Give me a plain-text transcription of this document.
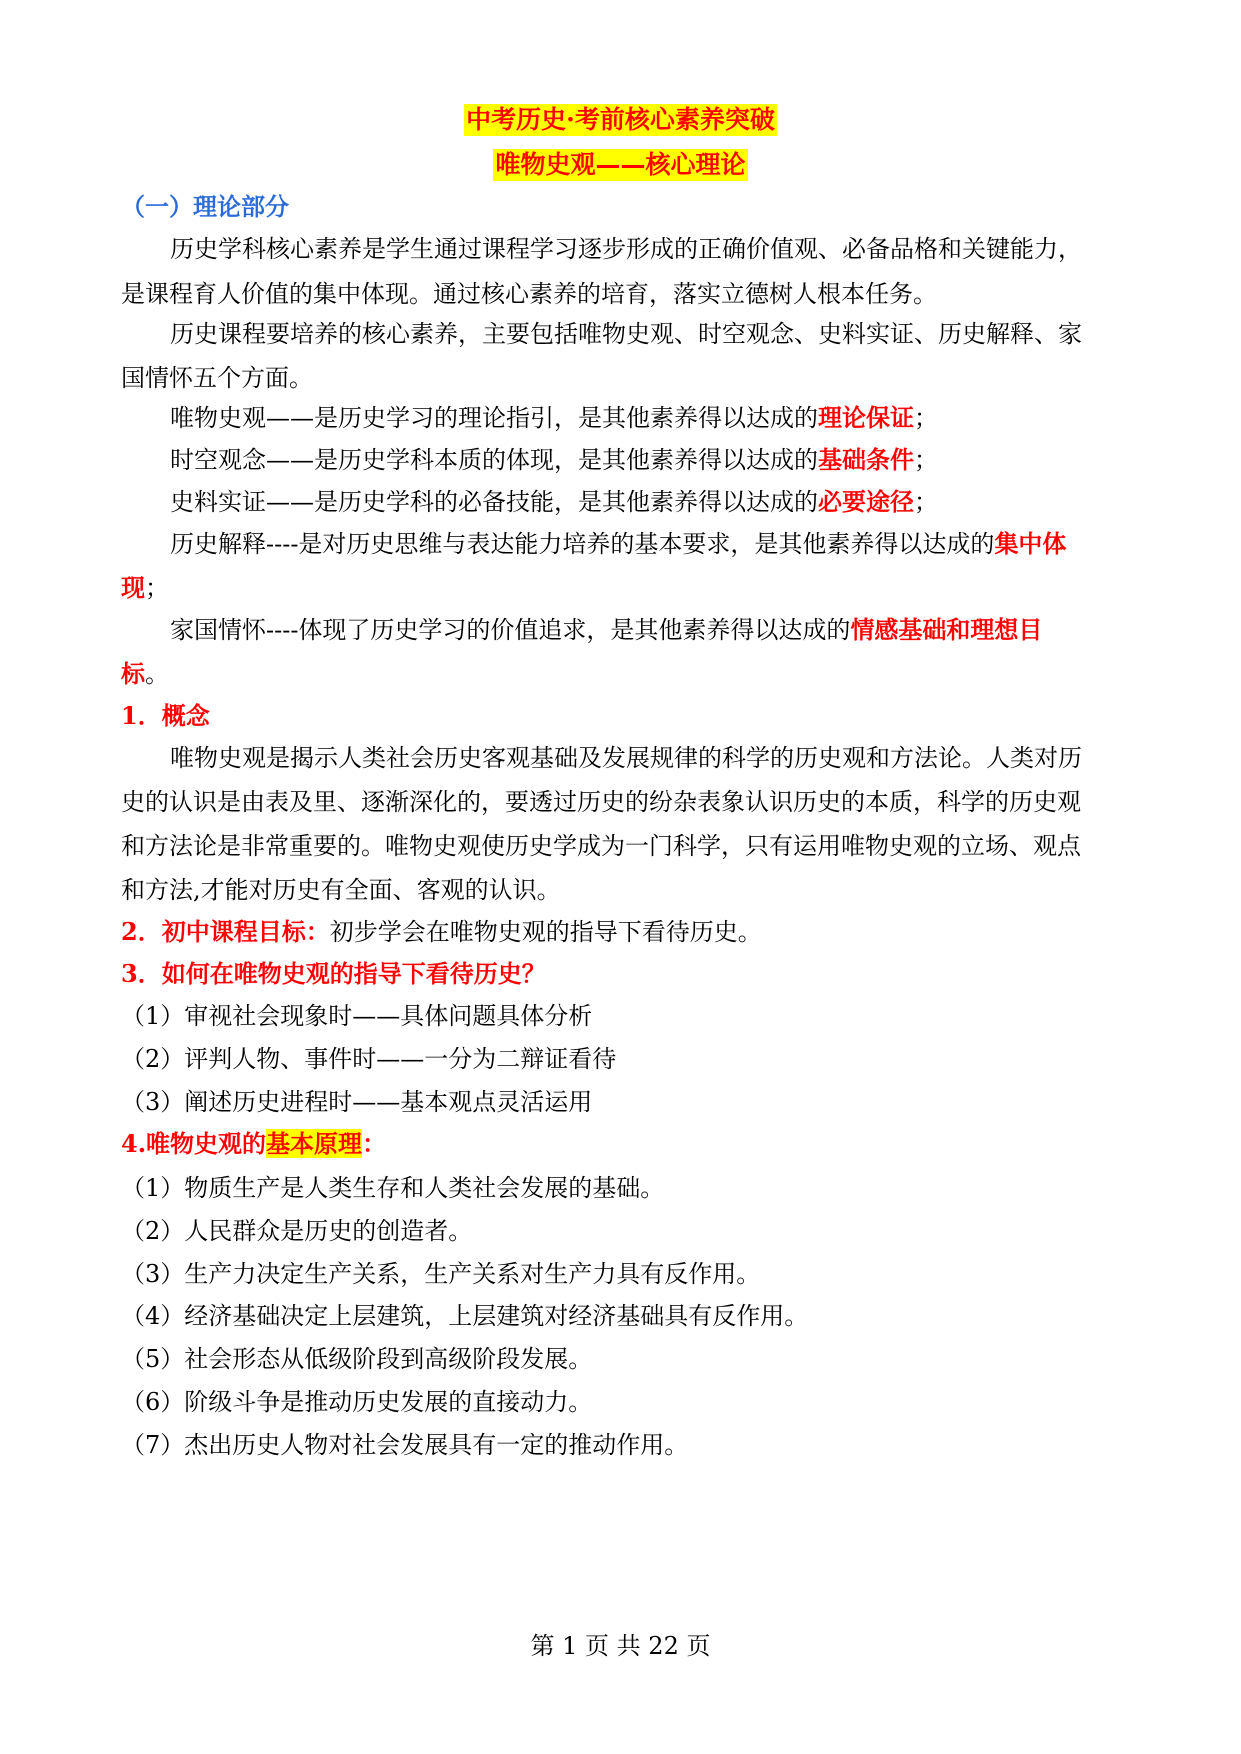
中考历史·考前核心素养突破
唯物史观——核心理论
（一）理论部分
历史学科核心素养是学生通过课程学习逐步形成的正确价值观、必备品格和关键能力，
是课程育人价值的集中体现。通过核心素养的培育，落实立德树人根本任务。
历史课程要培养的核心素养，主要包括唯物史观、时空观念、史料实证、历史解释、家
国情怀五个方面。
唯物史观——是历史学习的理论指引，是其他素养得以达成的理论保证；
时空观念——是历史学科本质的体现，是其他素养得以达成的基础条件；
史料实证——是历史学科的必备技能，是其他素养得以达成的必要途径；
历史解释----是对历史思维与表达能力培养的基本要求，是其他素养得以达成的集中体
现；
家国情怀----体现了历史学习的价值追求，是其他素养得以达成的情感基础和理想目
标。
1．概念
唯物史观是揭示人类社会历史客观基础及发展规律的科学的历史观和方法论。人类对历
史的认识是由表及里、逐渐深化的，要透过历史的纷杂表象认识历史的本质，科学的历史观
和方法论是非常重要的。唯物史观使历史学成为一门科学，只有运用唯物史观的立场、观点
和方法,才能对历史有全面、客观的认识。
2．初中课程目标：初步学会在唯物史观的指导下看待历史。
3．如何在唯物史观的指导下看待历史？
（1）审视社会现象时——具体问题具体分析
（2）评判人物、事件时——一分为二辩证看待
（3）阐述历史进程时——基本观点灵活运用
4.唯物史观的基本原理：
（1）物质生产是人类生存和人类社会发展的基础。
（2）人民群众是历史的创造者。
（3）生产力决定生产关系，生产关系对生产力具有反作用。
（4）经济基础决定上层建筑，上层建筑对经济基础具有反作用。
（5）社会形态从低级阶段到高级阶段发展。
（6）阶级斗争是推动历史发展的直接动力。
（7）杰出历史人物对社会发展具有一定的推动作用。
第 1 页 共 22 页
